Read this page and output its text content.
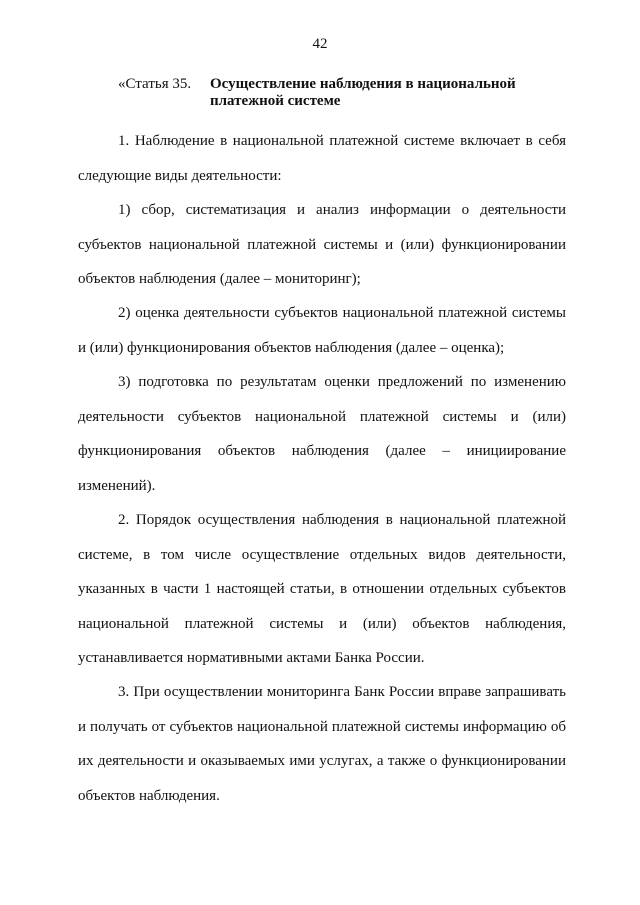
42
«Статья 35. Осуществление наблюдения в национальной платежной системе

1. Наблюдение в национальной платежной системе включает в себя следующие виды деятельности:

1) сбор, систематизация и анализ информации о деятельности субъектов национальной платежной системы и (или) функционировании объектов наблюдения (далее – мониторинг);

2) оценка деятельности субъектов национальной платежной системы и (или) функционирования объектов наблюдения (далее – оценка);

3) подготовка по результатам оценки предложений по изменению деятельности субъектов национальной платежной системы и (или) функционирования объектов наблюдения (далее – инициирование изменений).

2. Порядок осуществления наблюдения в национальной платежной системе, в том числе осуществление отдельных видов деятельности, указанных в части 1 настоящей статьи, в отношении отдельных субъектов национальной платежной системы и (или) объектов наблюдения, устанавливается нормативными актами Банка России.

3. При осуществлении мониторинга Банк России вправе запрашивать и получать от субъектов национальной платежной системы информацию об их деятельности и оказываемых ими услугах, а также о функционировании объектов наблюдения.
